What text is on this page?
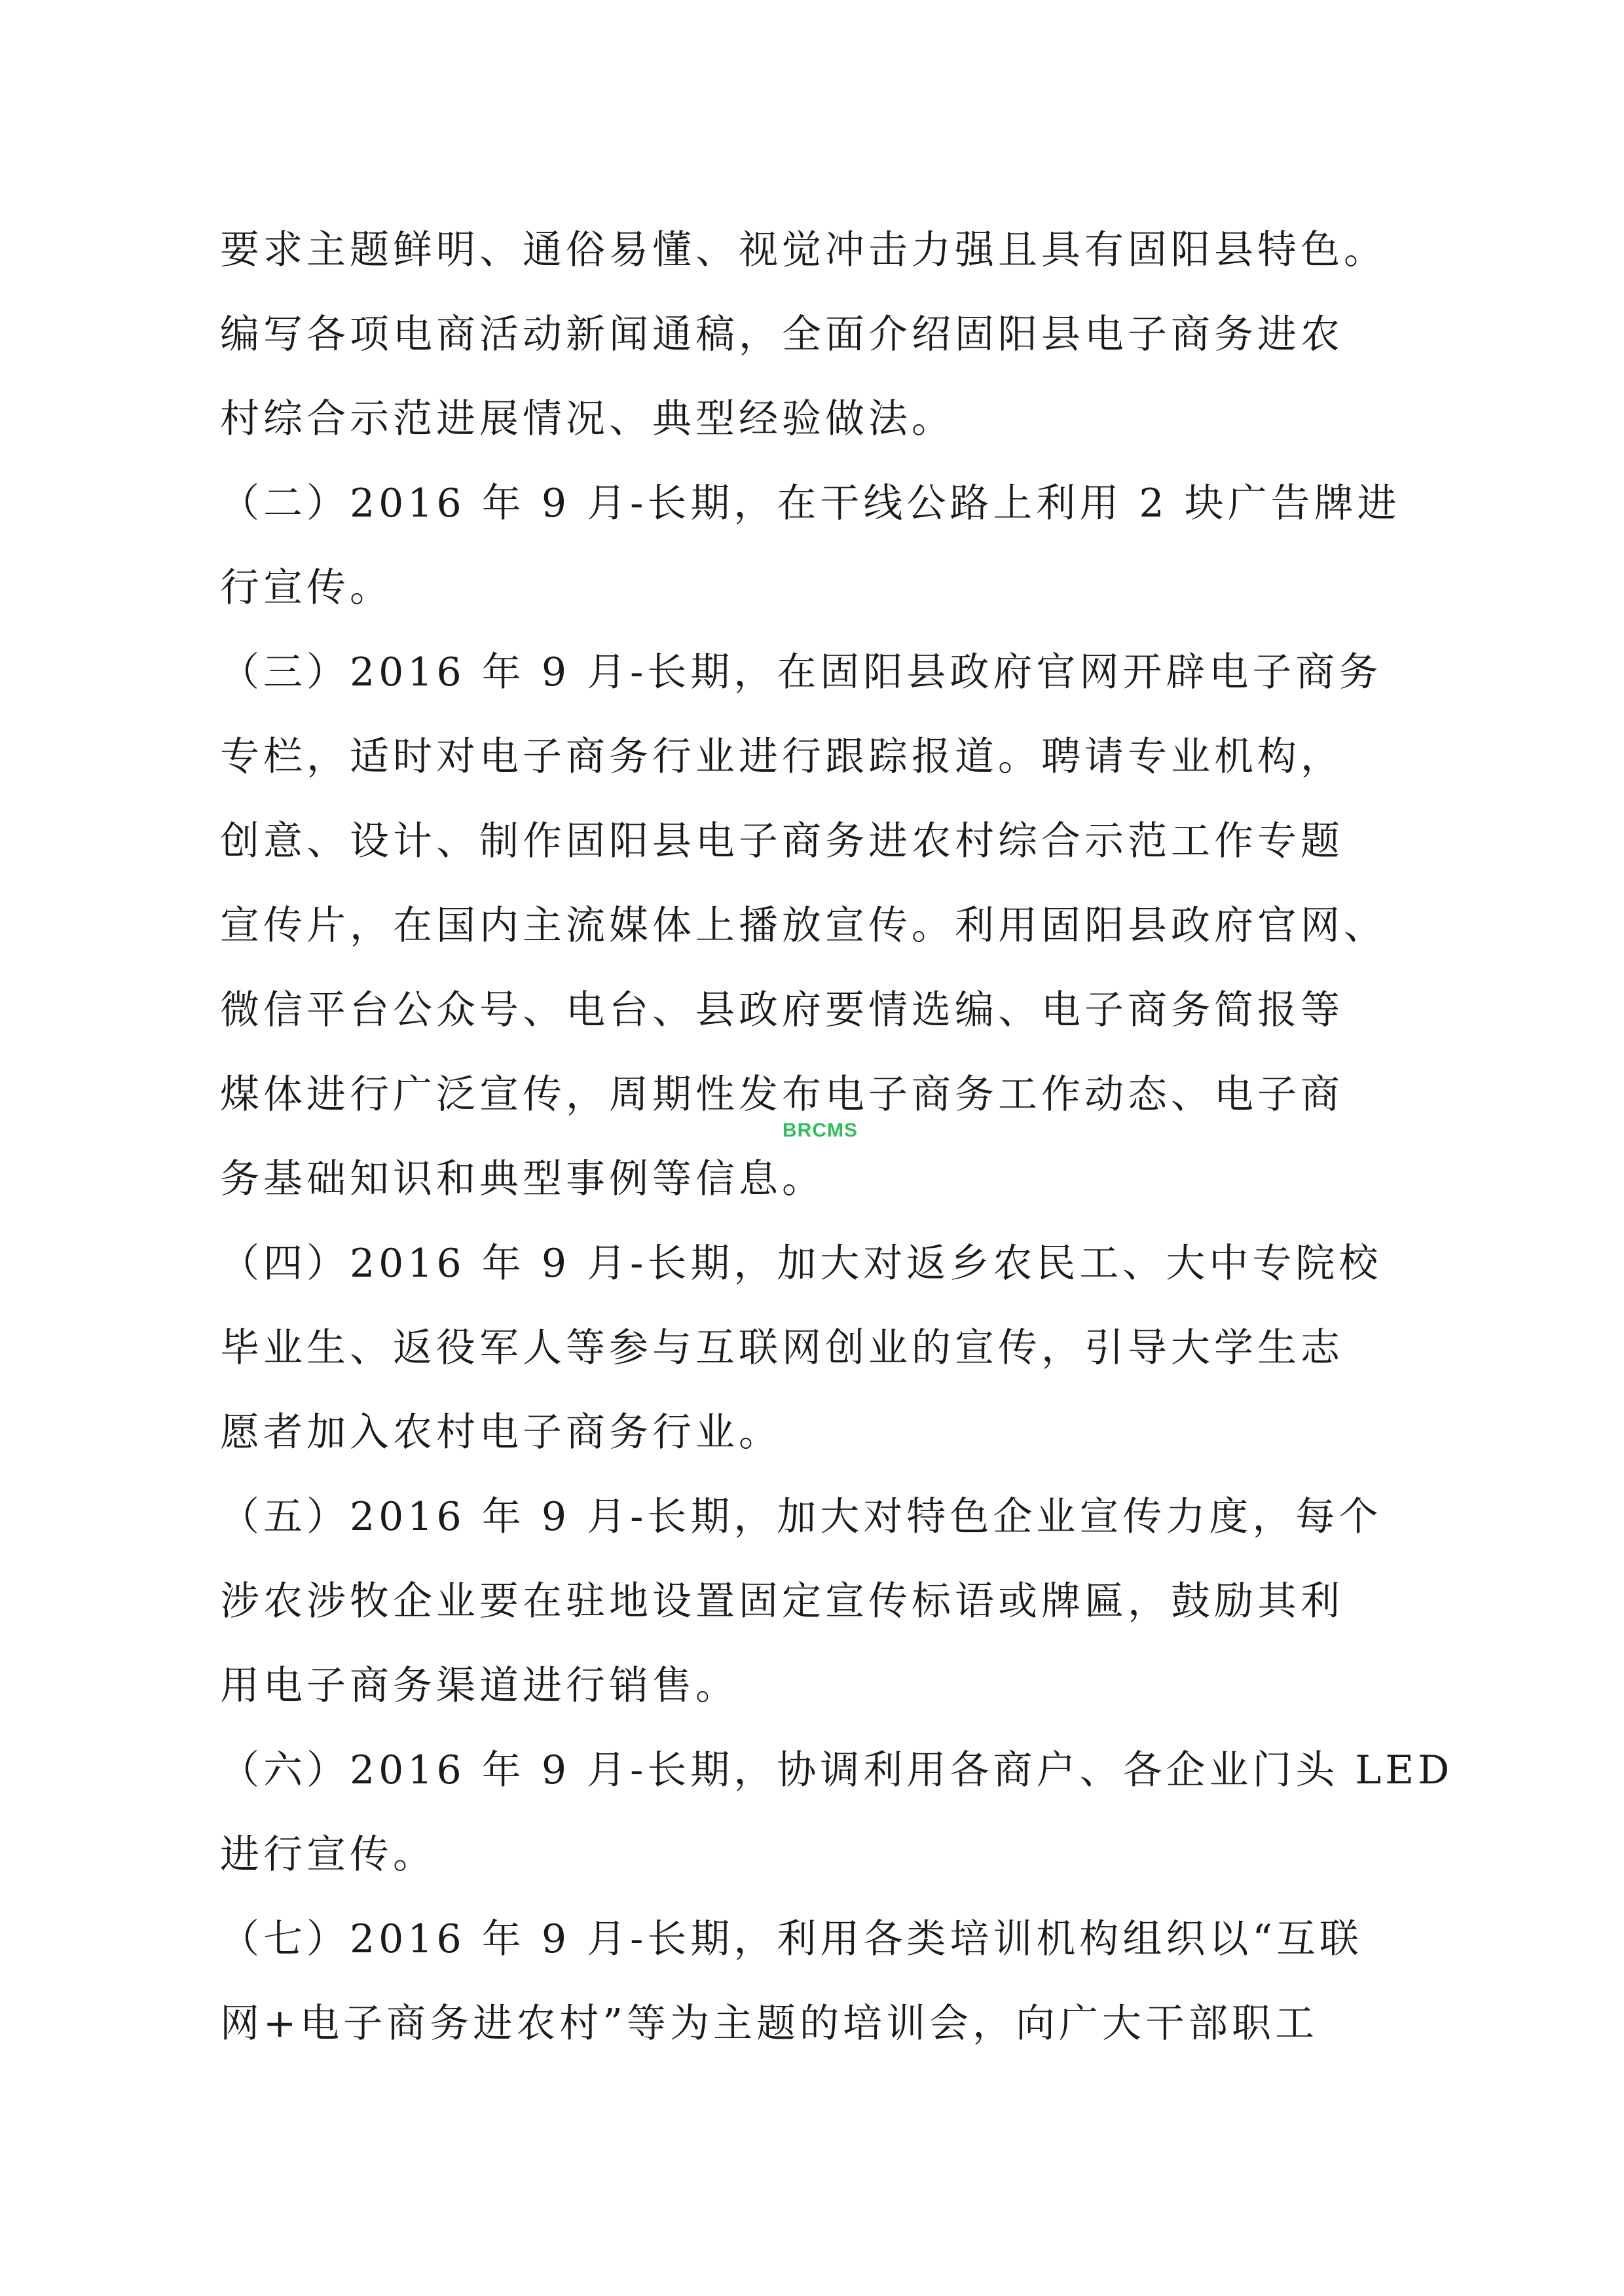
要求主题鲜明、通俗易懂、视觉冲击力强且具有固阳县特色。
编写各项电商活动新闻通稿，全面介绍固阳县电子商务进农
村综合示范进展情况、典型经验做法。
（二）2016 年 9 月-长期，在干线公路上利用 2 块广告牌进
行宣传。
（三）2016 年 9 月-长期，在固阳县政府官网开辟电子商务
专栏，适时对电子商务行业进行跟踪报道。聘请专业机构，
创意、设计、制作固阳县电子商务进农村综合示范工作专题
宣传片，在国内主流媒体上播放宣传。利用固阳县政府官网、
微信平台公众号、电台、县政府要情选编、电子商务简报等
煤体进行广泛宣传，周期性发布电子商务工作动态、电子商
务基础知识和典型事例等信息。
（四）2016 年 9 月-长期，加大对返乡农民工、大中专院校
毕业生、返役军人等参与互联网创业的宣传，引导大学生志
愿者加入农村电子商务行业。
（五）2016 年 9 月-长期，加大对特色企业宣传力度，每个
涉农涉牧企业要在驻地设置固定宣传标语或牌匾，鼓励其利
用电子商务渠道进行销售。
（六）2016 年 9 月-长期，协调利用各商户、各企业门头 LED
进行宣传。
（七）2016 年 9 月-长期，利用各类培训机构组织以“互联
网+电子商务进农村”等为主题的培训会，向广大干部职工
BRCMS
